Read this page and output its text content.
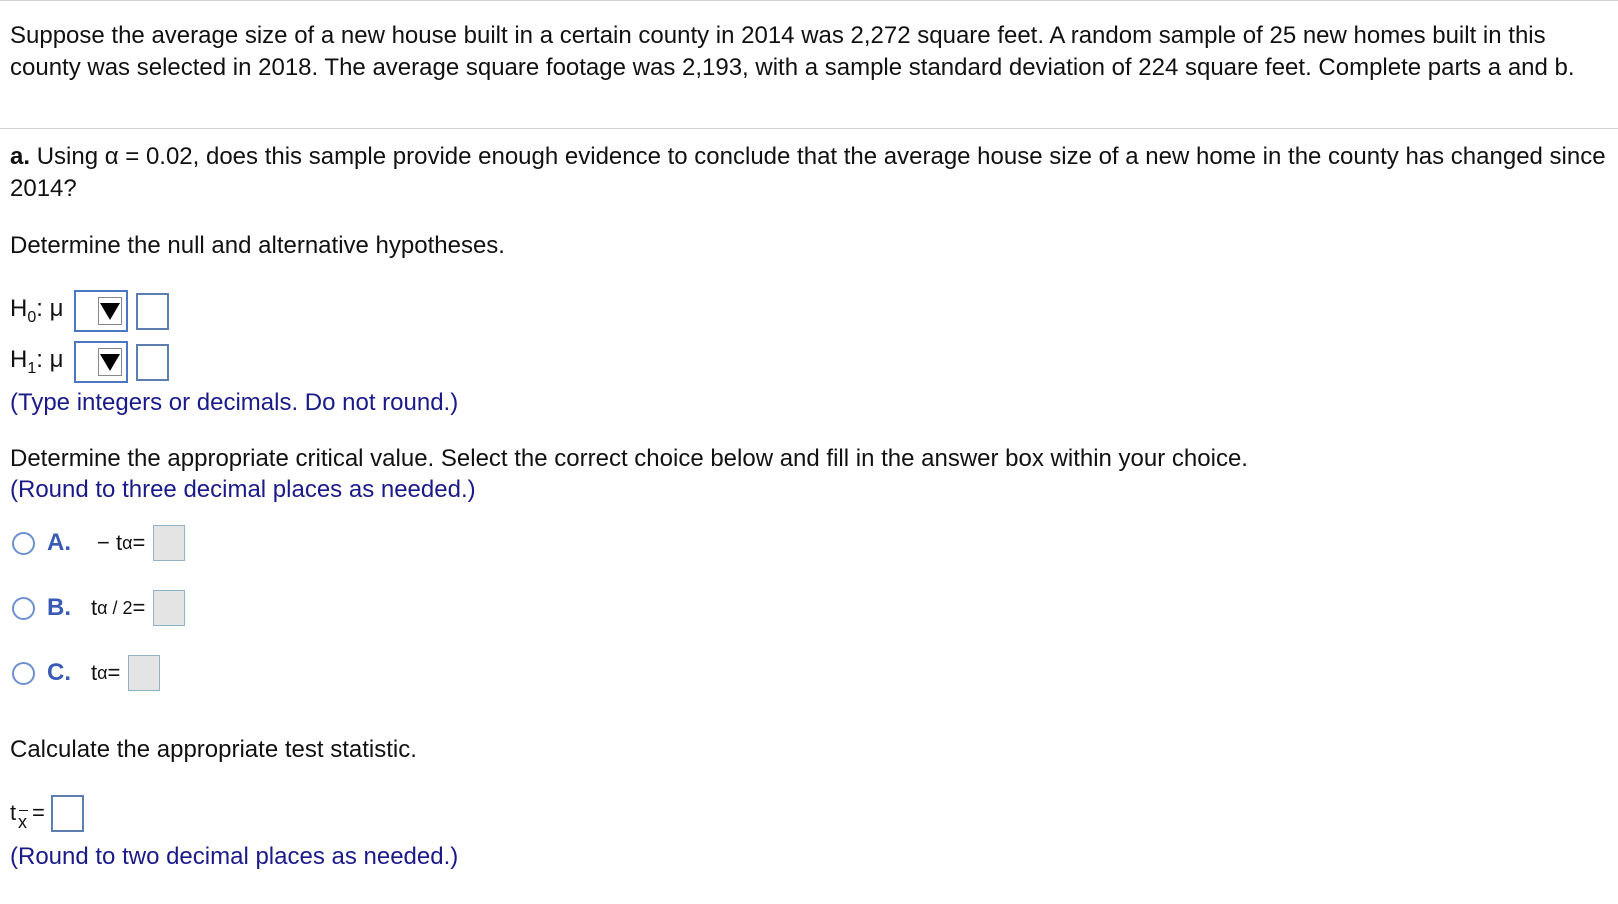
Suppose the average size of a new house built in a certain county in 2014 was 2,272 square feet. A random sample of 25 new homes built in this county was selected in 2018. The average square footage was 2,193, with a sample standard deviation of 224 square feet. Complete parts a and b.
a. Using α = 0.02, does this sample provide enough evidence to conclude that the average house size of a new home in the county has changed since 2014?
Determine the null and alternative hypotheses.
$H_0$: μ
$H_1$: μ
(Type integers or decimals. Do not round.)
Determine the appropriate critical value. Select the correct choice below and fill in the answer box within your choice.
(Round to three decimal places as needed.)
A.	− t α =
B. t α / 2 =
C. t α =
Calculate the appropriate test statistic.
t x =
(Round to two decimal places as needed.)
